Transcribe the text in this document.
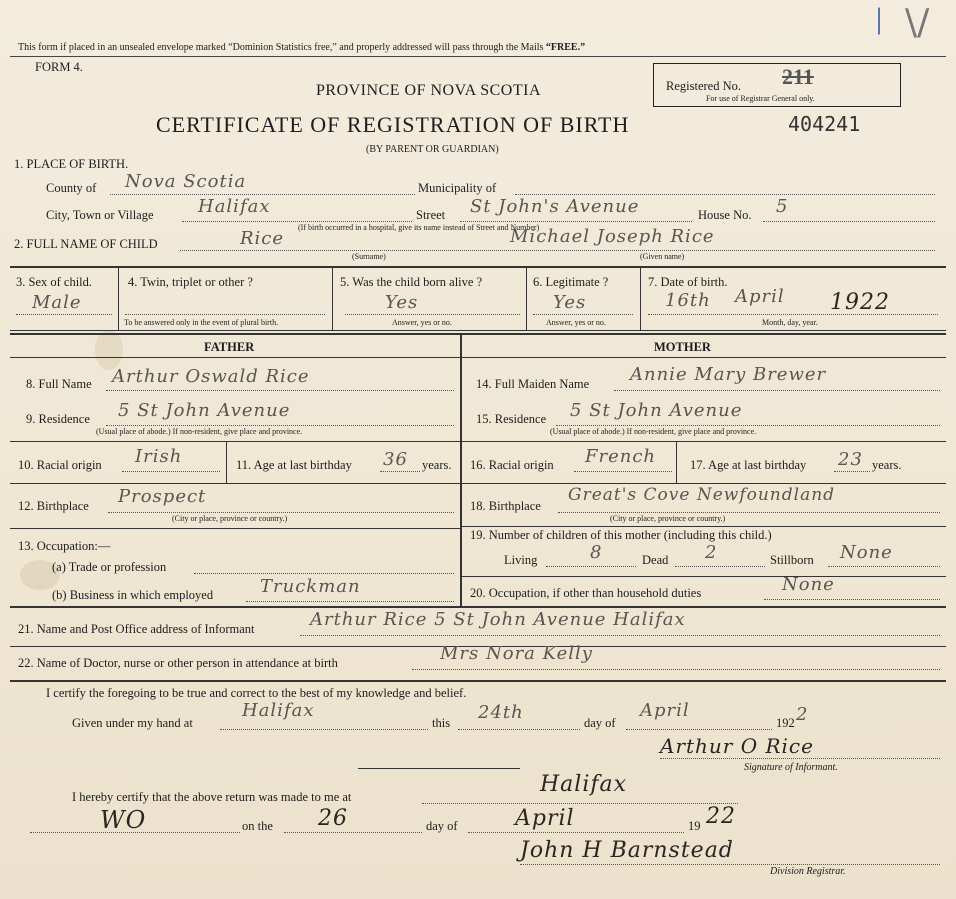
| \/
This form if placed in an unsealed envelope marked “Dominion Statistics free,” and properly addressed will pass through the Mails “FREE.”
FORM 4.
PROVINCE OF NOVA SCOTIA	Registered No. 211
For use of Registrar General only.
CERTIFICATE OF REGISTRATION OF BIRTH	404241
(BY PARENT OR GUARDIAN)
1. PLACE OF BIRTH.
County of Nova Scotia	Municipality of
City, Town or Village Halifax	Street St John's Avenue	House No. 5
(If birth occurred in a hospital, give its name instead of Street and Number)
2. FULL NAME OF CHILD	Rice	Michael Joseph Rice
(Surname)	(Given name)
3. Sex of child.
Male
4. Twin, triplet or other ?
To be answered only in the event of plural birth.
5. Was the child born alive ?
Yes
Answer, yes or no.
6. Legitimate ?
Yes
Answer, yes or no.
7. Date of birth.
16th April 1922
Month, day, year.
FATHER	MOTHER
8. Full Name Arthur Oswald Rice
9. Residence 5 St John Avenue
(Usual place of abode.) If non-resident, give place and province.
10. Racial origin Irish	11. Age at last birthday 36 years.
12. Birthplace Prospect
(City or place, province or country.)
13. Occupation:—
(a) Trade or profession
(b) Business in which employed	Truckman
14. Full Maiden Name Annie Mary Brewer
15. Residence 5 St John Avenue
(Usual place of abode.) If non-resident, give place and province.
16. Racial origin French	17. Age at last birthday 23 years.
18. Birthplace
Great's Cove Newfoundland
(City or place, province or country.)
19. Number of children of this mother (including this child.)
Living	8	Dead 2	Stillborn None
20. Occupation, if other than household duties	None
21. Name and Post Office address of Informant	Arthur Rice 5 St John Avenue Halifax
22. Name of Doctor, nurse or other person in attendance at birth	Mrs Nora Kelly
I certify the foregoing to be true and correct to the best of my knowledge and belief.
Given under my hand at
Halifax
this 24th	day of
April
192 2
Arthur O Rice
Signature of Informant.
I hereby certify that the above return was made to me at	Halifax
WO	on the 26	day of	April	19 22
John H Barnstead
Division Registrar.
